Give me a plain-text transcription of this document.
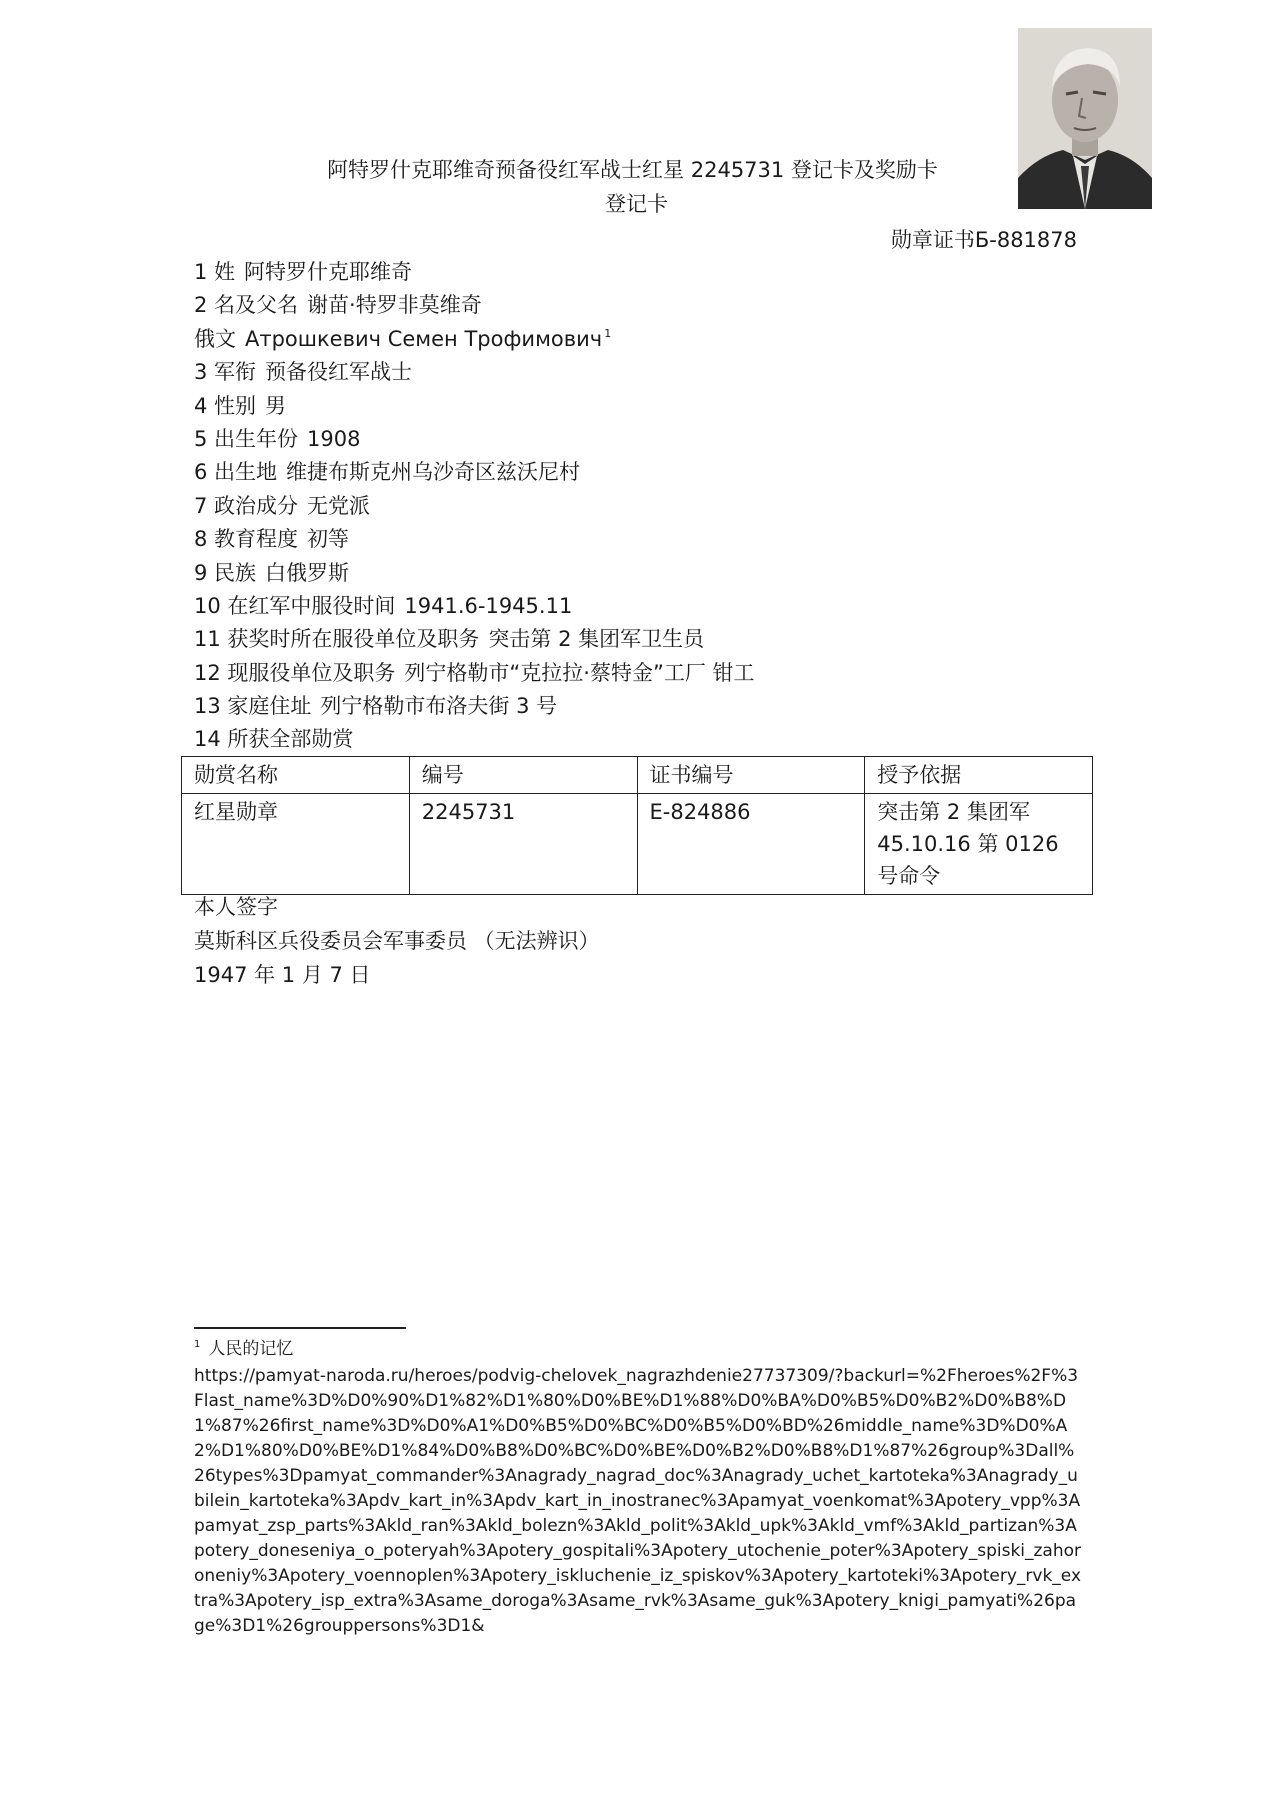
阿特罗什克耶维奇预备役红军战士红星 2245731 登记卡及奖励卡
登记卡
勋章证书Б-881878
1 姓 阿特罗什克耶维奇
2 名及父名 谢苗·特罗非莫维奇
俄文 Атрошкевич Семен Трофимович $^1$
3 军衔 预备役红军战士
4 性别 男
5 出生年份 1908
6 出生地 维捷布斯克州乌沙奇区兹沃尼村
7 政治成分 无党派
8 教育程度 初等
9 民族 白俄罗斯
10 在红军中服役时间 1941.6-1945.11
11 获奖时所在服役单位及职务 突击第 2 集团军卫生员
12 现服役单位及职务 列宁格勒市“克拉拉·蔡特金”工厂 钳工
13 家庭住址 列宁格勒市布洛夫街 3 号
14 所获全部勋赏
勋赏名称	编号	证书编号	授予依据
红星勋章	2245731	E-824886	突击第 2 集团军 45.10.16 第 0126 号命令
本人签字
莫斯科区兵役委员会军事委员 （无法辨识）
1947 年 1 月 7 日
$^1$ 人民的记忆
https://pamyat-naroda.ru/heroes/podvig-chelovek_nagrazhdenie27737309/?backurl=%2Fheroes%2F%3Flast_name%3D%D0%90%D1%82%D1%80%D0%BE%D1%88%D0%BA%D0%B5%D0%B2%D0%B8%D1%87%26first_name%3D%D0%A1%D0%B5%D0%BC%D0%B5%D0%BD%26middle_name%3D%D0%A2%D1%80%D0%BE%D1%84%D0%B8%D0%BC%D0%BE%D0%B2%D0%B8%D1%87%26group%3Dall%26types%3Dpamyat_commander%3Anagrady_nagrad_doc%3Anagrady_uchet_kartoteka%3Anagrady_ubilein_kartoteka%3Apdv_kart_in%3Apdv_kart_in_inostranec%3Apamyat_voenkomat%3Apotery_vpp%3Apamyat_zsp_parts%3Akld_ran%3Akld_bolezn%3Akld_polit%3Akld_upk%3Akld_vmf%3Akld_partizan%3Apotery_doneseniya_o_poteryah%3Apotery_gospitali%3Apotery_utochenie_poter%3Apotery_spiski_zahoroneniy%3Apotery_voennoplen%3Apotery_iskluchenie_iz_spiskov%3Apotery_kartoteki%3Apotery_rvk_extra%3Apotery_isp_extra%3Asame_doroga%3Asame_rvk%3Asame_guk%3Apotery_knigi_pamyati%26page%3D1%26grouppersons%3D1&
